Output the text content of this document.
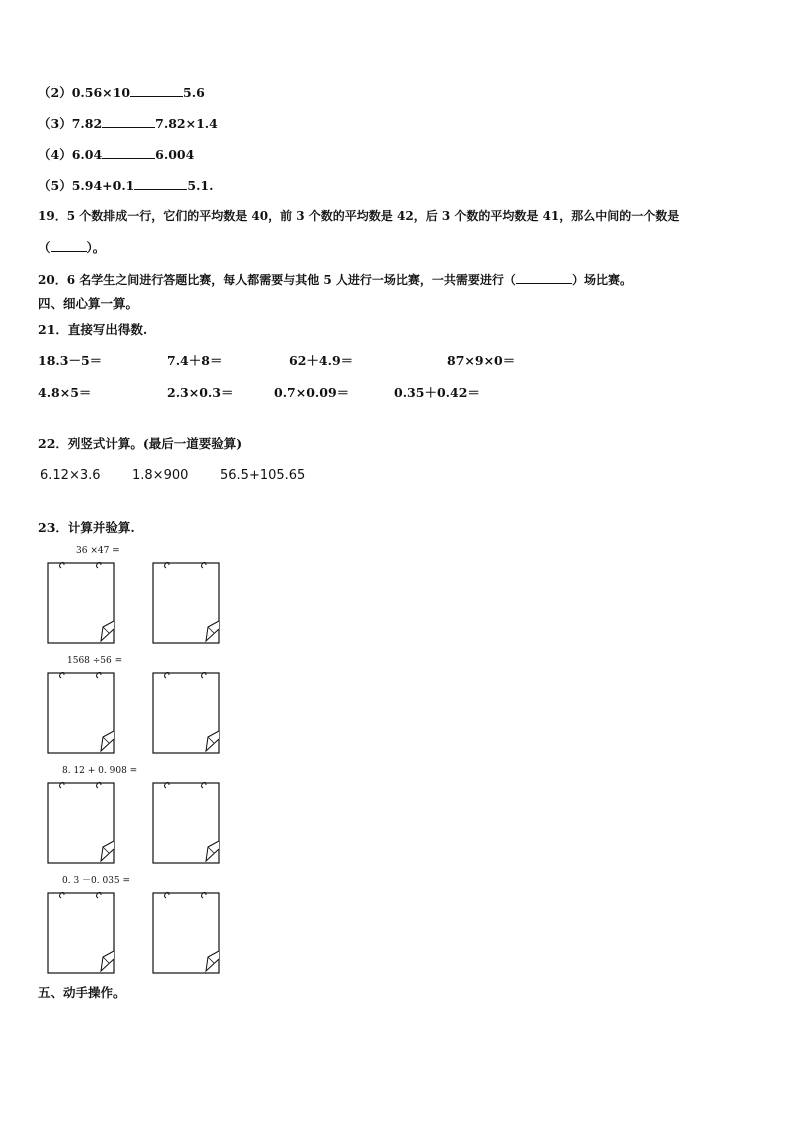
（2）0.56×10	5.6
（3）7.82	7.82×1.4
（4）6.04	6.004
（5）5.94+0.1	5.1.
19．5 个数排成一行，它们的平均数是 40，前 3 个数的平均数是 42，后 3 个数的平均数是 41，那么中间的一个数是
（	）。
20．6 名学生之间进行答题比赛，每人都需要与其他 5 人进行一场比赛，一共需要进行（	）场比赛。
四、细心算一算。
21．直接写出得数.
18.3－5＝	7.4＋8＝	62＋4.9＝	87×9×0＝
4.8×5＝	2.3×0.3＝	0.7×0.09＝	0.35＋0.42＝
22．列竖式计算。(最后一道要验算)
6.12×3.6 1.8×900 56.5+105.65
23．计算并验算.
36 ×47 =
1568 ÷56 =
8. 12 + 0. 908 =
0. 3 －0. 035 =
五、动手操作。
